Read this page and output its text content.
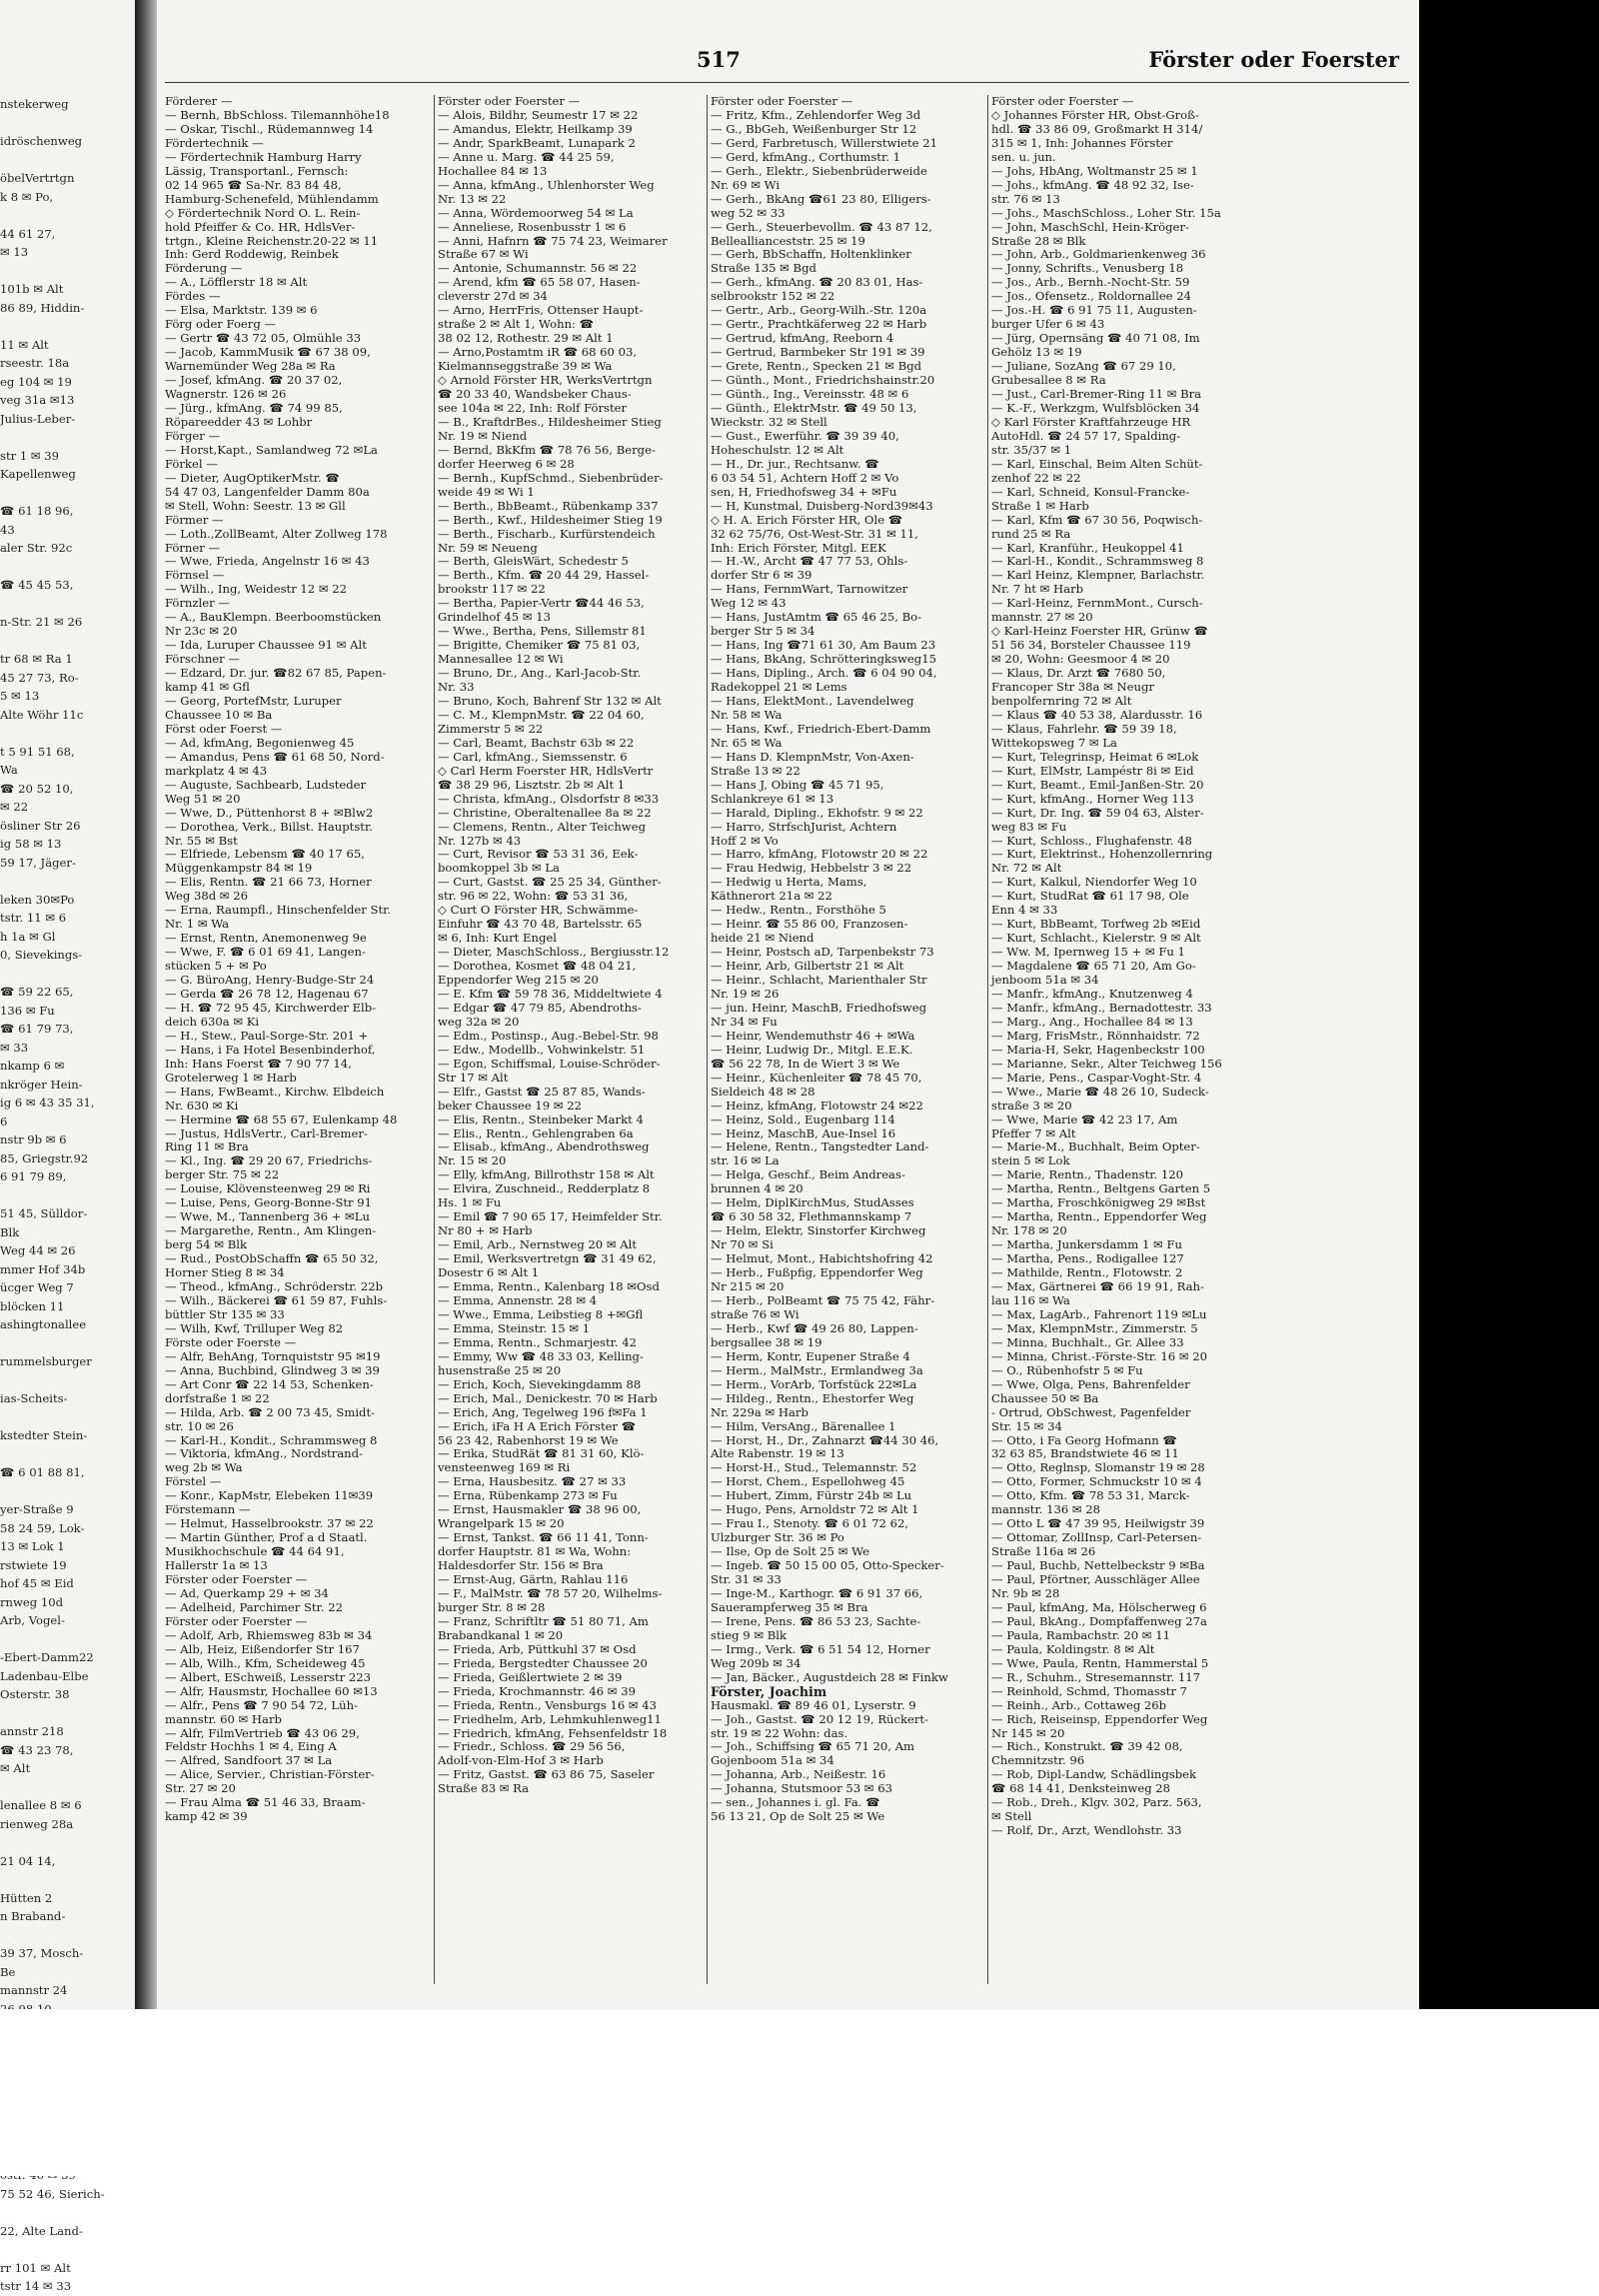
nstekerweg

idröschenweg

öbelVertrtgn
k 8 ✉ Po,

44 61 27,
✉ 13

101b ✉ Alt
86 89, Hiddin-

11 ✉ Alt
rseestr. 18a
eg 104 ✉ 19
veg 31a ✉13
Julius-Leber-

str 1 ✉ 39
Kapellenweg

☎ 61 18 96,
43
aler Str. 92c

☎ 45 45 53,

n-Str. 21 ✉ 26

tr 68 ✉ Ra 1
45 27 73, Ro-
5 ✉ 13
Alte Wöhr 11c

t 5 91 51 68,
Wa
☎ 20 52 10,
✉ 22
ösliner Str 26
ig 58 ✉ 13
59 17, Jäger-

leken 30✉Po
tstr. 11 ✉ 6
h 1a ✉ Gl
0, Sievekings-

☎ 59 22 65,
136 ✉ Fu
☎ 61 79 73,
✉ 33
nkamp 6 ✉
nkröger Hein-
ig 6 ✉ 43 35 31,
6
nstr 9b ✉ 6
85, Griegstr.92
6 91 79 89,

51 45, Sülldor-
Blk
Weg 44 ✉ 26
mmer Hof 34b
ücger Weg 7
blöcken 11
ashingtonallee

rummelsburger

ias-Scheits-

kstedter Stein-

☎ 6 01 88 81,

yer-Straße 9
58 24 59, Lok-
13 ✉ Lok 1
rstwiete 19
hof 45 ✉ Eid
rnweg 10d
Arb, Vogel-

-Ebert-Damm22
Ladenbau-Elbe
Osterstr. 38

annstr 218
☎ 43 23 78,
✉ Alt

lenallee 8 ✉ 6
rienweg 28a

21 04 14,

Hütten 2
n Braband-

39 37, Mosch-
Be
mannstr 24

75 52 46, Sierich-

22, Alte Land-

rr 101 ✉ Alt
tstr 14 ✉ 33
517	Förster oder Foerster
Förderer —
— Bernh, BbSchloss. Tilemannhöhe18
— Oskar, Tischl., Rüdemannweg 14
Fördertechnik —
— Fördertechnik Hamburg Harry
Lässig, Transportanl., Fernsch:
02 14 965 ☎ Sa-Nr. 83 84 48,
Hamburg-Schenefeld, Mühlendamm
◇ Fördertechnik Nord O. L. Rein-
hold Pfeiffer & Co. HR, HdlsVer-
trtgn., Kleine Reichenstr.20-22 ✉ 11
Inh: Gerd Roddewig, Reinbek
Förderung —
— A., Löfflerstr 18 ✉ Alt
Fördes —
— Elsa, Marktstr. 139 ✉ 6
Förg oder Foerg —
— Gertr ☎ 43 72 05, Olmühle 33
— Jacob, KammMusik ☎ 67 38 09,
Warnemünder Weg 28a ✉ Ra
— Josef, kfmAng. ☎ 20 37 02,
Wagnerstr. 126 ✉ 26
— Jürg., kfmAng. ☎ 74 99 85,
Röpareedder 43 ✉ Lohbr
Förger —
— Horst,Kapt., Samlandweg 72 ✉La
Förkel —
— Dieter, AugOptikerMstr. ☎
54 47 03, Langenfelder Damm 80a
✉ Stell, Wohn: Seestr. 13 ✉ Gll
Förmer —
— Loth.,ZollBeamt, Alter Zollweg 178
Förner —
— Wwe, Frieda, Angelnstr 16 ✉ 43
Förnsel —
— Wilh., Ing, Weidestr 12 ✉ 22
Förnzler —
— A., BauKlempn. Beerboomstücken
Nr 23c ✉ 20
— Ida, Luruper Chaussee 91 ✉ Alt
Förschner —
— Edzard, Dr. jur. ☎82 67 85, Papen-
kamp 41 ✉ Gfl
— Georg, PortefMstr, Luruper
Chaussee 10 ✉ Ba
Först oder Foerst —
— Ad, kfmAng, Begonienweg 45
— Amandus, Pens ☎ 61 68 50, Nord-
markplatz 4 ✉ 43
— Auguste, Sachbearb, Ludsteder
Weg 51 ✉ 20
— Wwe, D., Püttenhorst 8 + ✉Blw2
— Dorothea, Verk., Billst. Hauptstr.
Nr. 55 ✉ Bst
— Elfriede, Lebensm ☎ 40 17 65,
Müggenkampstr 84 ✉ 19
— Elis, Rentn. ☎ 21 66 73, Horner
Weg 38d ✉ 26
— Erna, Raumpfl., Hinschenfelder Str.
Nr. 1 ✉ Wa
— Ernst, Rentn, Anemonenweg 9e
— Wwe, F. ☎ 6 01 69 41, Langen-
stücken 5 + ✉ Po
— G. BüroAng, Henry-Budge-Str 24
— Gerda ☎ 26 78 12, Hagenau 67
— H. ☎ 72 95 45, Kirchwerder Elb-
deich 630a ✉ Ki
— H., Stew., Paul-Sorge-Str. 201 +
— Hans, i Fa Hotel Besenbinderhof,
Inh: Hans Foerst ☎ 7 90 77 14,
Grotelerweg 1 ✉ Harb
— Hans, FwBeamt., Kirchw. Elbdeich
Nr. 630 ✉ Ki
— Hermine ☎ 68 55 67, Eulenkamp 48
— Justus, HdlsVertr., Carl-Bremer-
Ring 11 ✉ Bra
— Kl., Ing. ☎ 29 20 67, Friedrichs-
berger Str. 75 ✉ 22
— Louise, Klövensteenweg 29 ✉ Ri
— Luise, Pens, Georg-Bonne-Str 91
— Wwe, M., Tannenberg 36 + ✉Lu
— Margarethe, Rentn., Am Klingen-
berg 54 ✉ Blk
— Rud., PostObSchaffn ☎ 65 50 32,
Horner Stieg 8 ✉ 34
— Theod., kfmAng., Schröderstr. 22b
— Wilh., Bäckerei ☎ 61 59 87, Fuhls-
büttler Str 135 ✉ 33
— Wilh, Kwf, Trilluper Weg 82
Förste oder Foerste —
— Alfr, BehAng, Tornquiststr 95 ✉19
— Anna, Buchbind, Glindweg 3 ✉ 39
— Art Conr ☎ 22 14 53, Schenken-
dorfstraße 1 ✉ 22
— Hilda, Arb. ☎ 2 00 73 45, Smidt-
str. 10 ✉ 26
— Karl-H., Kondit., Schrammsweg 8
— Viktoria, kfmAng., Nordstrand-
weg 2b ✉ Wa
Förstel —
— Konr., KapMstr, Elebeken 11✉39
Förstemann —
— Helmut, Hasselbrookstr. 37 ✉ 22
— Martin Günther, Prof a d Staatl.
Musikhochschule ☎ 44 64 91,
Hallerstr 1a ✉ 13
Förster oder Foerster —
— Ad, Querkamp 29 + ✉ 34
— Adelheid, Parchimer Str. 22
Förster oder Foerster —
— Adolf, Arb, Rhiemsweg 83b ✉ 34
— Alb, Heiz, Eißendorfer Str 167
— Alb, Wilh., Kfm, Scheideweg 45
— Albert, ESchweiß, Lesserstr 223
— Alfr, Hausmstr, Hochallee 60 ✉13
— Alfr., Pens ☎ 7 90 54 72, Lüh-
mannstr. 60 ✉ Harb
— Alfr, FilmVertrieb ☎ 43 06 29,
Feldstr Hochhs 1 ✉ 4, Eing A
— Alfred, Sandfoort 37 ✉ La
— Alice, Servier., Christian-Förster-
Str. 27 ✉ 20
— Frau Alma ☎ 51 46 33, Braam-
kamp 42 ✉ 39
Förster oder Foerster —
— Alois, Bildhr, Seumestr 17 ✉ 22
— Amandus, Elektr, Heilkamp 39
— Andr, SparkBeamt, Lunapark 2
— Anne u. Marg. ☎ 44 25 59,
Hochallee 84 ✉ 13
— Anna, kfmAng., Uhlenhorster Weg
Nr. 13 ✉ 22
— Anna, Wördemoorweg 54 ✉ La
— Anneliese, Rosenbusstr 1 ✉ 6
— Anni, Hafnrn ☎ 75 74 23, Weimarer
Straße 67 ✉ Wi
— Antonie, Schumannstr. 56 ✉ 22
— Arend, kfm ☎ 65 58 07, Hasen-
cleverstr 27d ✉ 34
— Arno, HerrFris, Ottenser Haupt-
straße 2 ✉ Alt 1, Wohn: ☎
38 02 12, Rothestr. 29 ✉ Alt 1
— Arno,Postamtm iR ☎ 68 60 03,
Kielmannseggstraße 39 ✉ Wa
◇ Arnold Förster HR, WerksVertrtgn
☎ 20 33 40, Wandsbeker Chaus-
see 104a ✉ 22, Inh: Rolf Förster
— B., KraftdrBes., Hildesheimer Stieg
Nr. 19 ✉ Niend
— Bernd, BkKfm ☎ 78 76 56, Berge-
dorfer Heerweg 6 ✉ 28
— Bernh., KupfSchmd., Siebenbrüder-
weide 49 ✉ Wi 1
— Berth., BbBeamt., Rübenkamp 337
— Berth., Kwf., Hildesheimer Stieg 19
— Berth., Fischarb., Kurfürstendeich
Nr. 59 ✉ Neueng
— Berth, GleisWärt, Schedestr 5
— Berth., Kfm. ☎ 20 44 29, Hassel-
brookstr 117 ✉ 22
— Bertha, Papier-Vertr ☎44 46 53,
Grindelhof 45 ✉ 13
— Wwe., Bertha, Pens, Sillemstr 81
— Brigitte, Chemiker ☎ 75 81 03,
Mannesallee 12 ✉ Wi
— Bruno, Dr., Ang., Karl-Jacob-Str.
Nr. 33
— Bruno, Koch, Bahrenf Str 132 ✉ Alt
— C. M., KlempnMstr. ☎ 22 04 60,
Zimmerstr 5 ✉ 22
— Carl, Beamt, Bachstr 63b ✉ 22
— Carl, kfmAng., Siemssenstr. 6
◇ Carl Herm Foerster HR, HdlsVertr
☎ 38 29 96, Lisztstr. 2b ✉ Alt 1
— Christa, kfmAng., Olsdorfstr 8 ✉33
— Christine, Oberaltenallee 8a ✉ 22
— Clemens, Rentn., Alter Teichweg
Nr. 127b ✉ 43
— Curt, Revisor ☎ 53 31 36, Eek-
boomkoppel 3b ✉ La
— Curt, Gastst. ☎ 25 25 34, Günther-
str. 96 ✉ 22, Wohn: ☎ 53 31 36,
◇ Curt O Förster HR, Schwämme-
Einfuhr ☎ 43 70 48, Bartelsstr. 65
✉ 6, Inh: Kurt Engel
— Dieter, MaschSchloss., Bergiusstr.12
— Dorothea, Kosmet ☎ 48 04 21,
Eppendorfer Weg 215 ✉ 20
— E. Kfm ☎ 59 78 36, Middeltwiete 4
— Edgar ☎ 47 79 85, Abendroths-
weg 32a ✉ 20
— Edm., Postinsp., Aug.-Bebel-Str. 98
— Edw., Modellb., Vohwinkelstr. 51
— Egon, Schiffsmal, Louise-Schröder-
Str 17 ✉ Alt
— Elfr., Gastst ☎ 25 87 85, Wands-
beker Chaussee 19 ✉ 22
— Elis, Rentn., Steinbeker Markt 4
— Elis., Rentn., Gehlengraben 6a
— Elisab., kfmAng., Abendrothsweg
Nr. 15 ✉ 20
— Elly, kfmAng, Billrothstr 158 ✉ Alt
— Elvira, Zuschneid., Redderplatz 8
Hs. 1 ✉ Fu
— Emil ☎ 7 90 65 17, Heimfelder Str.
Nr 80 + ✉ Harb
— Emil, Arb., Nernstweg 20 ✉ Alt
— Emil, Werksvertretgn ☎ 31 49 62,
Dosestr 6 ✉ Alt 1
— Emma, Rentn., Kalenbarg 18 ✉Osd
— Emma, Annenstr. 28 ✉ 4
— Wwe., Emma, Leibstieg 8 +✉Gfl
— Emma, Steinstr. 15 ✉ 1
— Emma, Rentn., Schmarjestr. 42
— Emmy, Ww ☎ 48 33 03, Kelling-
husenstraße 25 ✉ 20
— Erich, Koch, Sievekingdamm 88
— Erich, Mal., Denickestr. 70 ✉ Harb
— Erich, Ang, Tegelweg 196 f✉Fa 1
— Erich, iFa H A Erich Förster ☎
56 23 42, Rabenhorst 19 ✉ We
— Erika, StudRät ☎ 81 31 60, Klö-
vensteenweg 169 ✉ Ri
— Erna, Hausbesitz. ☎ 27 ✉ 33
— Erna, Rübenkamp 273 ✉ Fu
— Ernst, Hausmakler ☎ 38 96 00,
Wrangelpark 15 ✉ 20
— Ernst, Tankst. ☎ 66 11 41, Tonn-
dorfer Hauptstr. 81 ✉ Wa, Wohn:
Haldesdorfer Str. 156 ✉ Bra
— Ernst-Aug, Gärtn, Rahlau 116
— F., MalMstr. ☎ 78 57 20, Wilhelms-
burger Str. 8 ✉ 28
— Franz, Schriftltr ☎ 51 80 71, Am
Brabandkanal 1 ✉ 20
— Frieda, Arb, Püttkuhl 37 ✉ Osd
— Frieda, Bergstedter Chaussee 20
— Frieda, Geißlertwiete 2 ✉ 39
— Frieda, Krochmannstr. 46 ✉ 39
— Frieda, Rentn., Vensburgs 16 ✉ 43
— Friedhelm, Arb, Lehmkuhlenweg11
— Friedrich, kfmAng, Fehsenfeldstr 18
— Friedr., Schloss. ☎ 29 56 56,
Adolf-von-Elm-Hof 3 ✉ Harb
— Fritz, Gastst. ☎ 63 86 75, Saseler
Straße 83 ✉ Ra
Förster oder Foerster —
— Fritz, Kfm., Zehlendorfer Weg 3d
— G., BbGeh, Weißenburger Str 12
— Gerd, Farbretusch, Willerstwiete 21
— Gerd, kfmAng., Corthumstr. 1
— Gerh., Elektr., Siebenbrüderweide
Nr. 69 ✉ Wi
— Gerh., BkAng ☎61 23 80, Elligers-
weg 52 ✉ 33
— Gerh., Steuerbevollm. ☎ 43 87 12,
Belleallianceststr. 25 ✉ 19
— Gerh, BbSchaffn, Holtenklinker
Straße 135 ✉ Bgd
— Gerh., kfmAng. ☎ 20 83 01, Has-
selbrookstr 152 ✉ 22
— Gertr., Arb., Georg-Wilh.-Str. 120a
— Gertr., Prachtkäferweg 22 ✉ Harb
— Gertrud, kfmAng, Reeborn 4
— Gertrud, Barmbeker Str 191 ✉ 39
— Grete, Rentn., Specken 21 ✉ Bgd
— Günth., Mont., Friedrichshainstr.20
— Günth., Ing., Vereinsstr. 48 ✉ 6
— Günth., ElektrMstr. ☎ 49 50 13,
Wieckstr. 32 ✉ Stell
— Gust., Ewerführ. ☎ 39 39 40,
Hoheschulstr. 12 ✉ Alt
— H., Dr. jur., Rechtsanw. ☎
6 03 54 51, Achtern Hoff 2 ✉ Vo
sen, H, Friedhofsweg 34 + ✉Fu
— H, Kunstmal, Duisberg-Nord39✉43
◇ H. A. Erich Förster HR, Ole ☎
32 62 75/76, Ost-West-Str. 31 ✉ 11,
Inh: Erich Förster, Mitgl. EEK
— H.-W., Archt ☎ 47 77 53, Ohls-
dorfer Str 6 ✉ 39
— Hans, FernmWart, Tarnowitzer
Weg 12 ✉ 43
— Hans, JustAmtm ☎ 65 46 25, Bo-
berger Str 5 ✉ 34
— Hans, Ing ☎71 61 30, Am Baum 23
— Hans, BkAng, Schrötteringksweg15
— Hans, Dipling., Arch. ☎ 6 04 90 04,
Radekoppel 21 ✉ Lems
— Hans, ElektMont., Lavendelweg
Nr. 58 ✉ Wa
— Hans, Kwf., Friedrich-Ebert-Damm
Nr. 65 ✉ Wa
— Hans D. KlempnMstr, Von-Axen-
Straße 13 ✉ 22
— Hans J, Obing ☎ 45 71 95,
Schlankreye 61 ✉ 13
— Harald, Dipling., Ekhofstr. 9 ✉ 22
— Harro, StrfschJurist, Achtern
Hoff 2 ✉ Vo
— Harro, kfmAng, Flotowstr 20 ✉ 22
— Frau Hedwig, Hebbelstr 3 ✉ 22
— Hedwig u Herta, Mams,
Käthnerort 21a ✉ 22
— Hedw., Rentn., Forsthöhe 5
— Heinr. ☎ 55 86 00, Franzosen-
heide 21 ✉ Niend
— Heinr, Postsch aD, Tarpenbekstr 73
— Heinr, Arb, Gilbertstr 21 ✉ Alt
— Heinr., Schlacht, Marienthaler Str
Nr. 19 ✉ 26
— jun. Heinr, MaschB, Friedhofsweg
Nr 34 ✉ Fu
— Heinr, Wendemuthstr 46 + ✉Wa
— Heinr, Ludwig Dr., Mitgl. E.E.K.
☎ 56 22 78, In de Wiert 3 ✉ We
— Heinr., Küchenleiter ☎ 78 45 70,
Sieldeich 48 ✉ 28
— Heinz, kfmAng, Flotowstr 24 ✉22
— Heinz, Sold., Eugenbarg 114
— Heinz, MaschB, Aue-Insel 16
— Helene, Rentn., Tangstedter Land-
str. 16 ✉ La
— Helga, Geschf., Beim Andreas-
brunnen 4 ✉ 20
— Helm, DiplKirchMus, StudAsses
☎ 6 30 58 32, Flethmannskamp 7
— Helm, Elektr, Sinstorfer Kirchweg
Nr 70 ✉ Si
— Helmut, Mont., Habichtshofring 42
— Herb., Fußpfig, Eppendorfer Weg
Nr 215 ✉ 20
— Herb., PolBeamt ☎ 75 75 42, Fähr-
straße 76 ✉ Wi
— Herb., Kwf ☎ 49 26 80, Lappen-
bergsallee 38 ✉ 19
— Herm, Kontr, Eupener Straße 4
— Herm., MalMstr., Ermlandweg 3a
— Herm., VorArb, Torfstück 22✉La
— Hildeg., Rentn., Ehestorfer Weg
Nr. 229a ✉ Harb
— Hilm, VersAng., Bärenallee 1
— Horst, H., Dr., Zahnarzt ☎44 30 46,
Alte Rabenstr. 19 ✉ 13
— Horst-H., Stud., Telemannstr. 52
— Horst, Chem., Espellohweg 45
— Hubert, Zimm, Fürstr 24b ✉ Lu
— Hugo, Pens, Arnoldstr 72 ✉ Alt 1
— Frau I., Stenoty. ☎ 6 01 72 62,
Ulzburger Str. 36 ✉ Po
— Ilse, Op de Solt 25 ✉ We
— Ingeb. ☎ 50 15 00 05, Otto-Specker-
Str. 31 ✉ 33
— Inge-M., Karthogr. ☎ 6 91 37 66,
Sauerampferweg 35 ✉ Bra
— Irene, Pens. ☎ 86 53 23, Sachte-
stieg 9 ✉ Blk
— Irmg., Verk. ☎ 6 51 54 12, Horner
Weg 209b ✉ 34
— Jan, Bäcker., Augustdeich 28 ✉ Finkw
Förster, Joachim
Hausmakl. ☎ 89 46 01, Lyserstr. 9
— Joh., Gastst. ☎ 20 12 19, Rückert-
str. 19 ✉ 22 Wohn: das.
— Joh., Schiffsing ☎ 65 71 20, Am
Gojenboom 51a ✉ 34
— Johanna, Arb., Neißestr. 16
— Johanna, Stutsmoor 53 ✉ 63
— sen., Johannes i. gl. Fa. ☎
56 13 21, Op de Solt 25 ✉ We
Förster oder Foerster —
◇ Johannes Förster HR, Obst-Groß-
hdl. ☎ 33 86 09, Großmarkt H 314/
315 ✉ 1, Inh: Johannes Förster
sen. u. jun.
— Johs, HbAng, Woltmanstr 25 ✉ 1
— Johs., kfmAng. ☎ 48 92 32, Ise-
str. 76 ✉ 13
— Johs., MaschSchloss., Loher Str. 15a
— John, MaschSchl, Hein-Kröger-
Straße 28 ✉ Blk
— John, Arb., Goldmarienkenweg 36
— Jonny, Schrifts., Venusberg 18
— Jos., Arb., Bernh.-Nocht-Str. 59
— Jos., Ofensetz., Roldornallee 24
— Jos.-H. ☎ 6 91 75 11, Augusten-
burger Ufer 6 ✉ 43
— Jürg, Opernsäng ☎ 40 71 08, Im
Gehölz 13 ✉ 19
— Juliane, SozAng ☎ 67 29 10,
Grubesallee 8 ✉ Ra
— Just., Carl-Bremer-Ring 11 ✉ Bra
— K.-F., Werkzgm, Wulfsblöcken 34
◇ Karl Förster Kraftfahrzeuge HR
AutoHdl. ☎ 24 57 17, Spalding-
str. 35/37 ✉ 1
— Karl, Einschal, Beim Alten Schüt-
zenhof 22 ✉ 22
— Karl, Schneid, Konsul-Francke-
Straße 1 ✉ Harb
— Karl, Kfm ☎ 67 30 56, Poqwisch-
rund 25 ✉ Ra
— Karl, Kranführ., Heukoppel 41
— Karl-H., Kondit., Schrammsweg 8
— Karl Heinz, Klempner, Barlachstr.
Nr. 7 ht ✉ Harb
— Karl-Heinz, FernmMont., Cursch-
mannstr. 27 ✉ 20
◇ Karl-Heinz Foerster HR, Grünw ☎
51 56 34, Borsteler Chaussee 119
✉ 20, Wohn: Geesmoor 4 ✉ 20
— Klaus, Dr. Arzt ☎ 7680 50,
Francoper Str 38a ✉ Neugr
benpolfernring 72 ✉ Alt
— Klaus ☎ 40 53 38, Alardusstr. 16
— Klaus, Fahrlehr. ☎ 59 39 18,
Wittekopsweg 7 ✉ La
— Kurt, Telegrinsp, Heimat 6 ✉Lok
— Kurt, ElMstr, Lampéstr 8i ✉ Eid
— Kurt, Beamt., Emil-Janßen-Str. 20
— Kurt, kfmAng., Horner Weg 113
— Kurt, Dr. Ing. ☎ 59 04 63, Alster-
weg 83 ✉ Fu
— Kurt, Schloss., Flughafenstr. 48
— Kurt, Elektrinst., Hohenzollernring
Nr. 72 ✉ Alt
— Kurt, Kalkul, Niendorfer Weg 10
— Kurt, StudRat ☎ 61 17 98, Ole
Enn 4 ✉ 33
— Kurt, BbBeamt, Torfweg 2b ✉Eid
— Kurt, Schlacht., Kielerstr. 9 ✉ Alt
— Ww. M, Ipernweg 15 + ✉ Fu 1
— Magdalene ☎ 65 71 20, Am Go-
jenboom 51a ✉ 34
— Manfr., kfmAng., Knutzenweg 4
— Manfr., kfmAng., Bernadottestr. 33
— Marg., Ang., Hochallee 84 ✉ 13
— Marg, FrisMstr., Rönnhaidstr. 72
— Maria-H, Sekr, Hagenbeckstr 100
— Marianne, Sekr., Alter Teichweg 156
— Marie, Pens., Caspar-Voght-Str. 4
— Wwe., Marie ☎ 48 26 10, Sudeck-
straße 3 ✉ 20
— Wwe, Marie ☎ 42 23 17, Am
Pfeffer 7 ✉ Alt
— Marie-M., Buchhalt, Beim Opter-
stein 5 ✉ Lok
— Marie, Rentn., Thadenstr. 120
— Martha, Rentn., Beltgens Garten 5
— Martha, Froschkönigweg 29 ✉Bst
— Martha, Rentn., Eppendorfer Weg
Nr. 178 ✉ 20
— Martha, Junkersdamm 1 ✉ Fu
— Martha, Pens., Rodigallee 127
— Mathilde, Rentn., Flotowstr. 2
— Max, Gärtnerei ☎ 66 19 91, Rah-
lau 116 ✉ Wa
— Max, LagArb., Fahrenort 119 ✉Lu
— Max, KlempnMstr., Zimmerstr. 5
— Minna, Buchhalt., Gr. Allee 33
— Minna, Christ.-Förste-Str. 16 ✉ 20
— O., Rübenhofstr 5 ✉ Fu
— Wwe, Olga, Pens, Bahrenfelder
Chaussee 50 ✉ Ba
- Ortrud, ObSchwest, Pagenfelder
Str. 15 ✉ 34
— Otto, i Fa Georg Hofmann ☎
32 63 85, Brandstwiete 46 ✉ 11
— Otto, Reglnsp, Slomanstr 19 ✉ 28
— Otto, Former, Schmuckstr 10 ✉ 4
— Otto, Kfm. ☎ 78 53 31, Marck-
mannstr. 136 ✉ 28
— Otto L ☎ 47 39 95, Heilwigstr 39
— Ottomar, ZollInsp, Carl-Petersen-
Straße 116a ✉ 26
— Paul, Buchb, Nettelbeckstr 9 ✉Ba
— Paul, Pförtner, Ausschläger Allee
Nr. 9b ✉ 28
— Paul, kfmAng, Ma, Hölscherweg 6
— Paul, BkAng., Dompfaffenweg 27a
— Paula, Rambachstr. 20 ✉ 11
— Paula, Koldingstr. 8 ✉ Alt
— Wwe, Paula, Rentn, Hammerstal 5
— R., Schuhm., Stresemannstr. 117
— Reinhold, Schmd, Thomasstr 7
— Reinh., Arb., Cottaweg 26b
— Rich, Reiseinsp, Eppendorfer Weg
Nr 145 ✉ 20
— Rich., Konstrukt. ☎ 39 42 08,
Chemnitzstr. 96
— Rob, Dipl-Landw, Schädlingsbek
☎ 68 14 41, Denksteinweg 28
— Rob., Dreh., Klgv. 302, Parz. 563,
✉ Stell
— Rolf, Dr., Arzt, Wendlohstr. 33
